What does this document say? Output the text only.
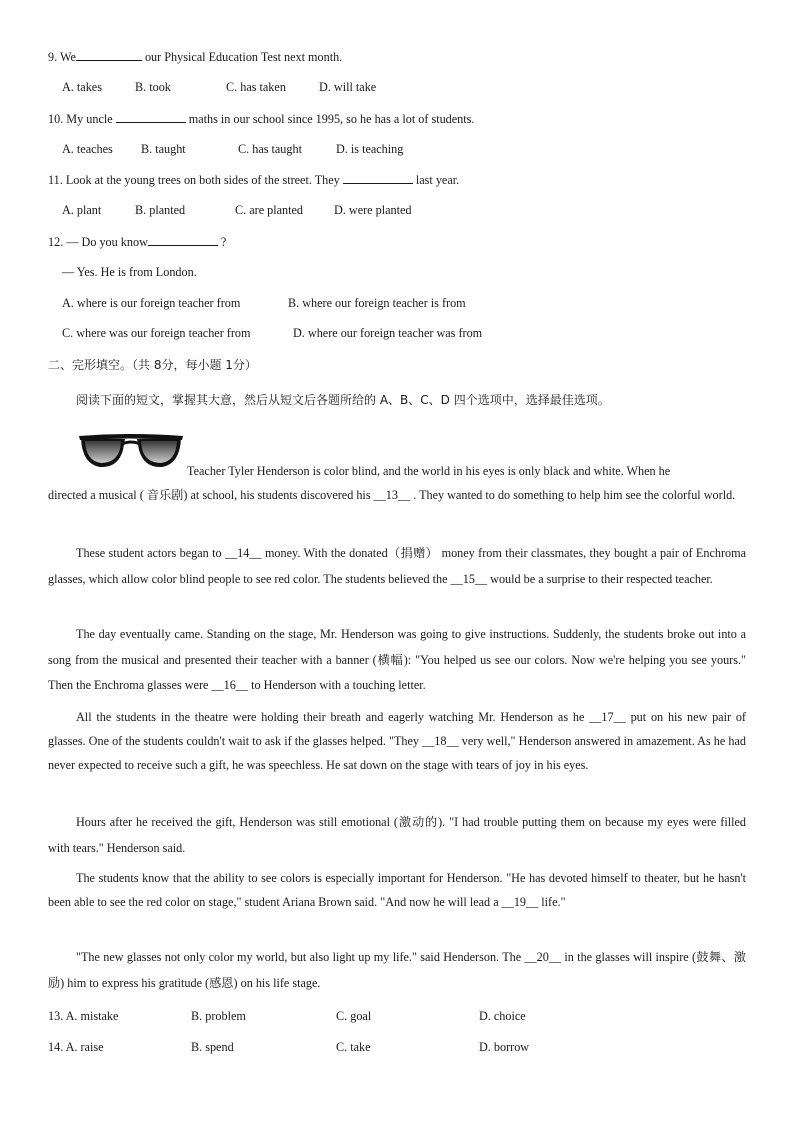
9. We	our Physical Education Test next month.
A. takes	B. took	C. has taken	D. will take
10. My uncle	maths in our school since 1995, so he has a lot of students.
A. teaches B. taught	C. has taught	D. is teaching
11. Look at the young trees on both sides of the street. They	last year.
A. plant	B. planted	C. are planted	D. were planted
12. — Do you know	?
— Yes. He is from London.
A. where is our foreign teacher from	B. where our foreign teacher is from
C. where was our foreign teacher from	D. where our foreign teacher was from
二、完形填空。（共 8分，每小题 1分）
阅读下面的短文，掌握其大意，然后从短文后各题所给的 A、B、C、D 四个选项中，选择最佳选项。
Teacher Tyler Henderson is color blind, and the world in his eyes is only black and white. When he
directed a musical ( 音乐剧) at school, his students discovered his __13__ . They wanted to do something to help him see the colorful world.
These student actors began to __14__ money. With the donated（捐赠） money from their classmates, they bought a pair of Enchroma glasses, which allow color blind people to see red color. The students believed the __15__ would be a surprise to their respected teacher.
The day eventually came. Standing on the stage, Mr. Henderson was going to give instructions. Suddenly, the students broke out into a song from the musical and presented their teacher with a banner (横幅): "You helped us see our colors. Now we're helping you see yours." Then the Enchroma glasses were __16__ to Henderson with a touching letter.
All the students in the theatre were holding their breath and eagerly watching Mr. Henderson as he __17__ put on his new pair of glasses. One of the students couldn't wait to ask if the glasses helped. "They __18__ very well," Henderson answered in amazement. As he had never expected to receive such a gift, he was speechless. He sat down on the stage with tears of joy in his eyes.
Hours after he received the gift, Henderson was still emotional (激动的). "I had trouble putting them on because my eyes were filled with tears." Henderson said.
The students know that the ability to see colors is especially important for Henderson. "He has devoted himself to theater, but he hasn't been able to see the red color on stage," student Ariana Brown said. "And now he will lead a __19__ life."
"The new glasses not only color my world, but also light up my life." said Henderson. The __20__ in the glasses will inspire (鼓舞、激励) him to express his gratitude (感恩) on his life stage.
13. A. mistake	B. problem	C. goal	D. choice
14. A. raise	B. spend	C. take	D. borrow
